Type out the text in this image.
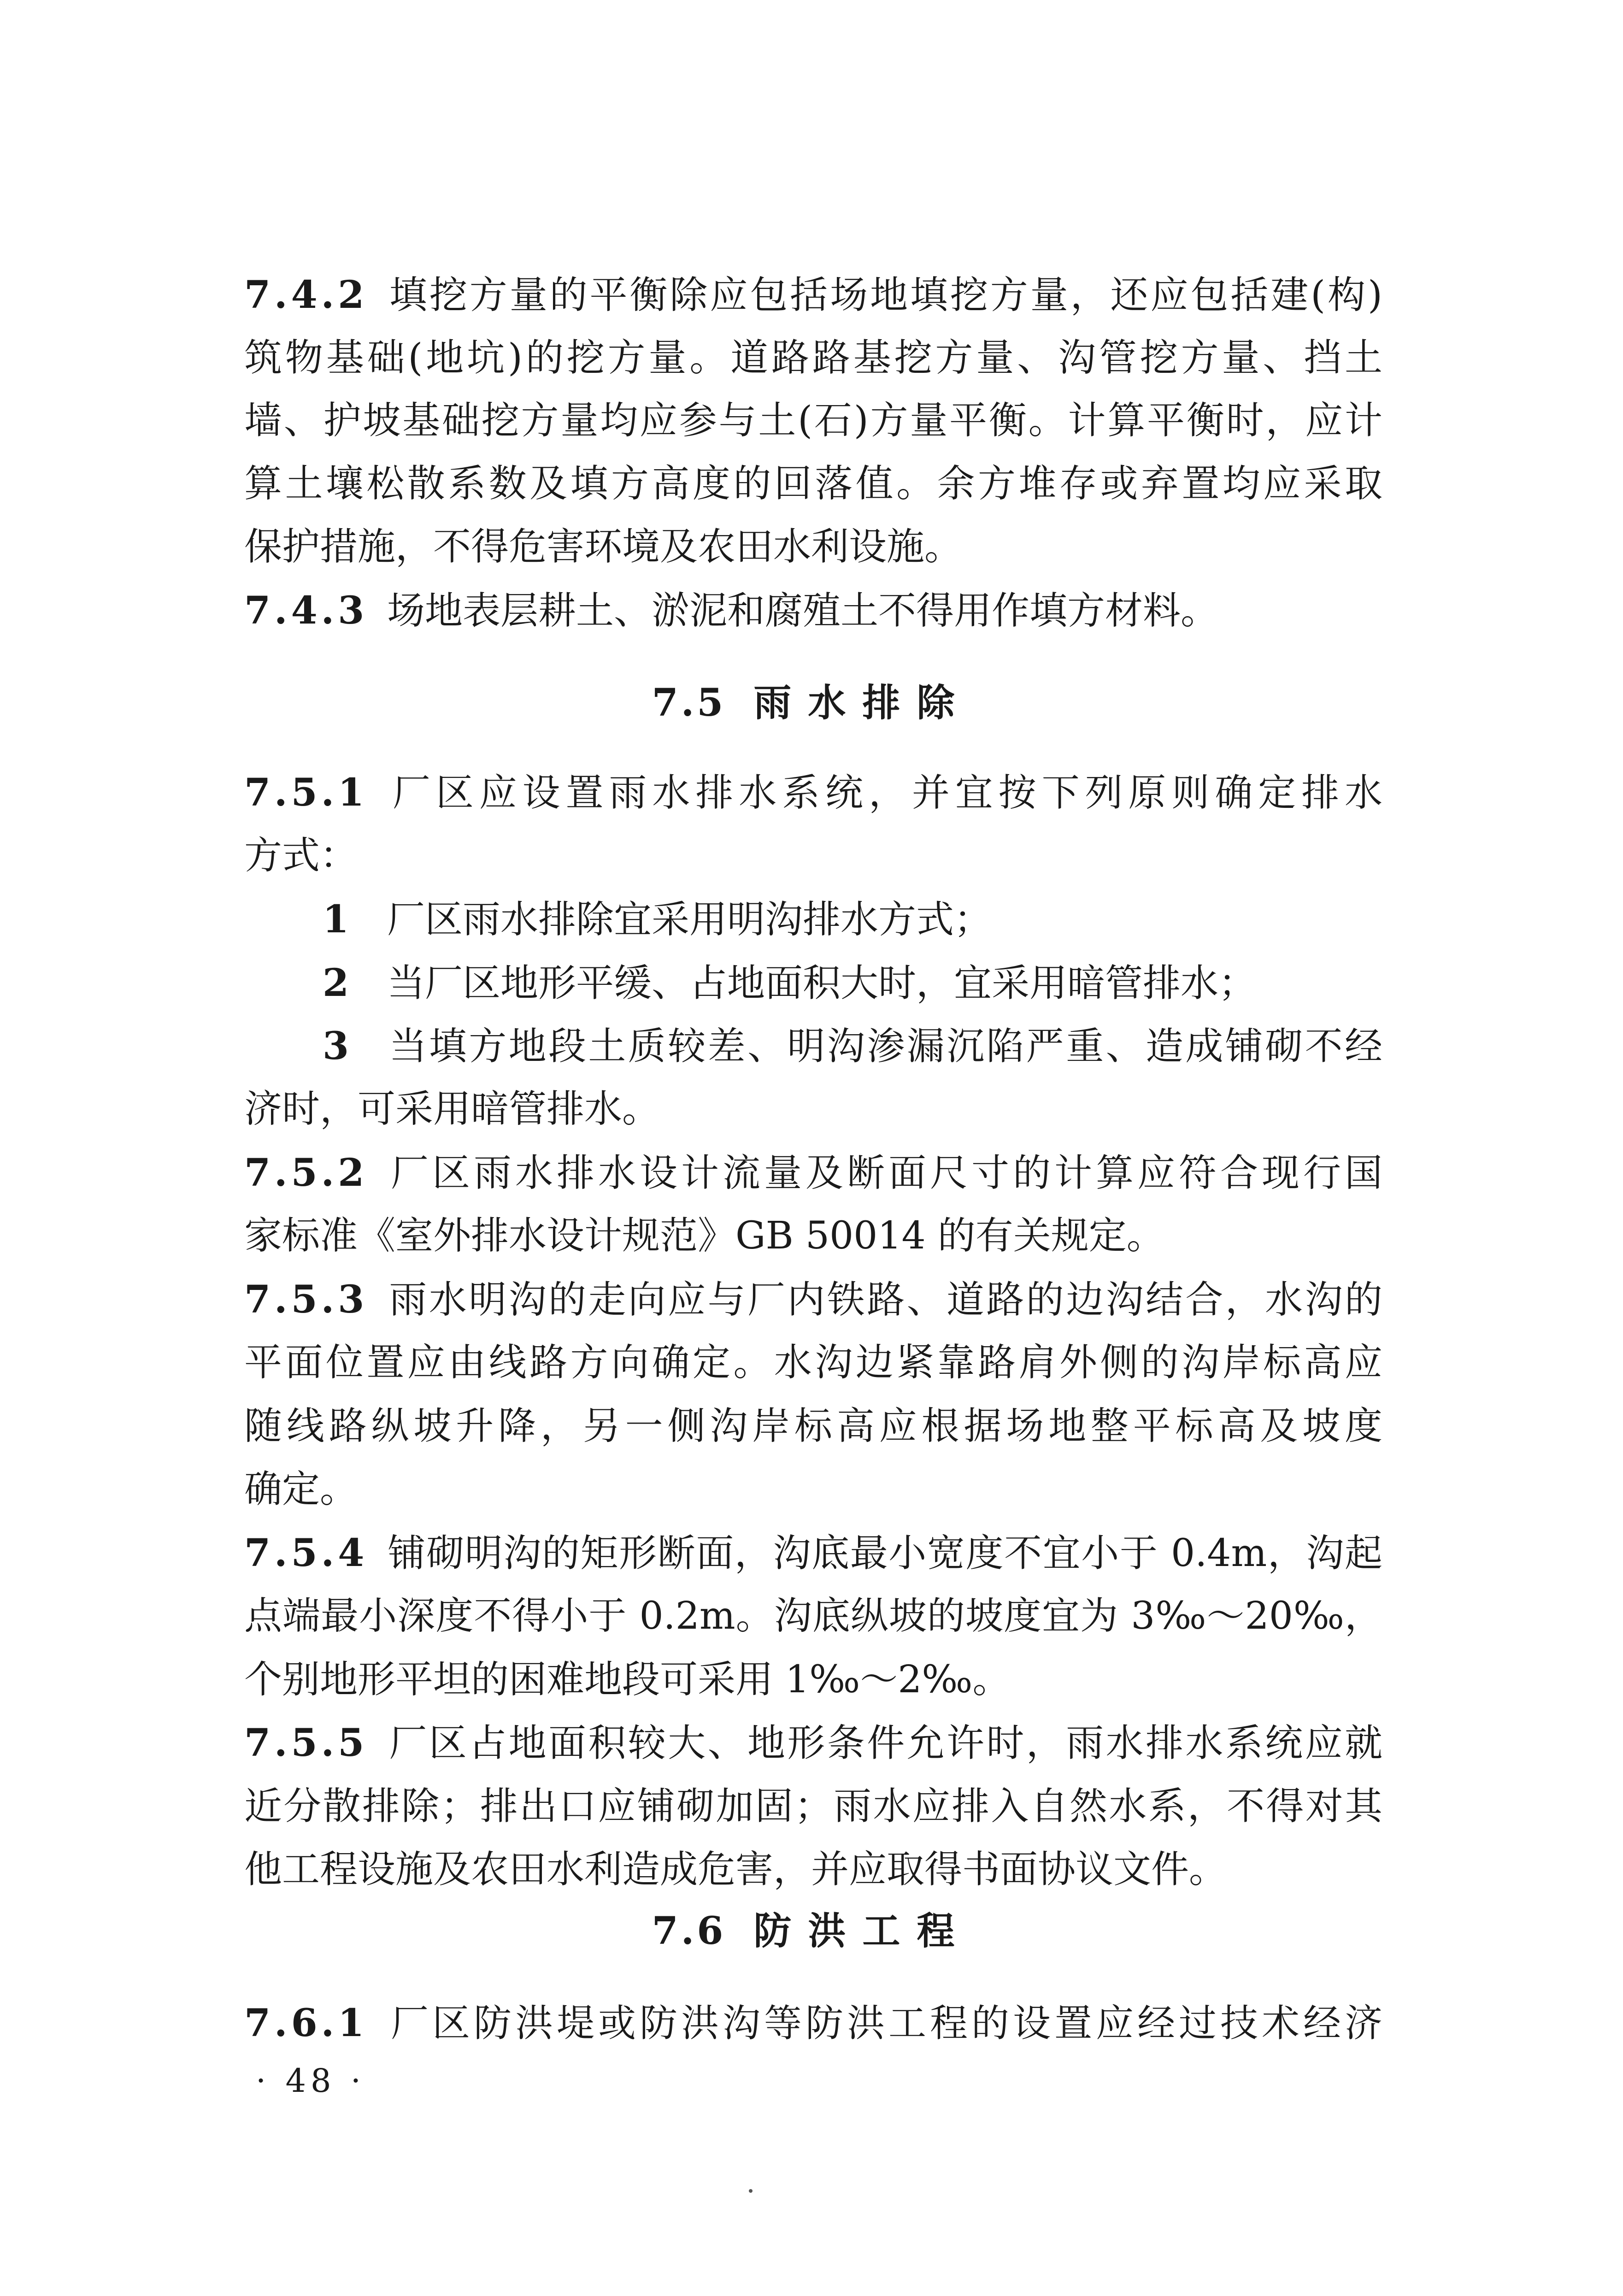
7.4.2 填挖方量的平衡除应包括场地填挖方量，还应包括建(构)
筑物基础(地坑)的挖方量。道路路基挖方量、沟管挖方量、挡土
墙、护坡基础挖方量均应参与土(石)方量平衡。计算平衡时，应计
算土壤松散系数及填方高度的回落值。余方堆存或弃置均应采取
保护措施，不得危害环境及农田水利设施。
7.4.3 场地表层耕土、淤泥和腐殖土不得用作填方材料。
7.5 雨水排除
7.5.1 厂区应设置雨水排水系统，并宜按下列原则确定排水
方式：
1 厂区雨水排除宜采用明沟排水方式；
2 当厂区地形平缓、占地面积大时，宜采用暗管排水；
3 当填方地段土质较差、明沟渗漏沉陷严重、造成铺砌不经
济时，可采用暗管排水。
7.5.2 厂区雨水排水设计流量及断面尺寸的计算应符合现行国
家标准《室外排水设计规范》GB 50014 的有关规定。
7.5.3 雨水明沟的走向应与厂内铁路、道路的边沟结合，水沟的
平面位置应由线路方向确定。水沟边紧靠路肩外侧的沟岸标高应
随线路纵坡升降，另一侧沟岸标高应根据场地整平标高及坡度
确定。
7.5.4 铺砌明沟的矩形断面，沟底最小宽度不宜小于 0.4m，沟起
点端最小深度不得小于 0.2m。沟底纵坡的坡度宜为 3‰～20‰，
个别地形平坦的困难地段可采用 1‰～2‰。
7.5.5 厂区占地面积较大、地形条件允许时，雨水排水系统应就
近分散排除；排出口应铺砌加固；雨水应排入自然水系，不得对其
他工程设施及农田水利造成危害，并应取得书面协议文件。
7.6 防洪工程
7.6.1 厂区防洪堤或防洪沟等防洪工程的设置应经过技术经济
· 48 ·
